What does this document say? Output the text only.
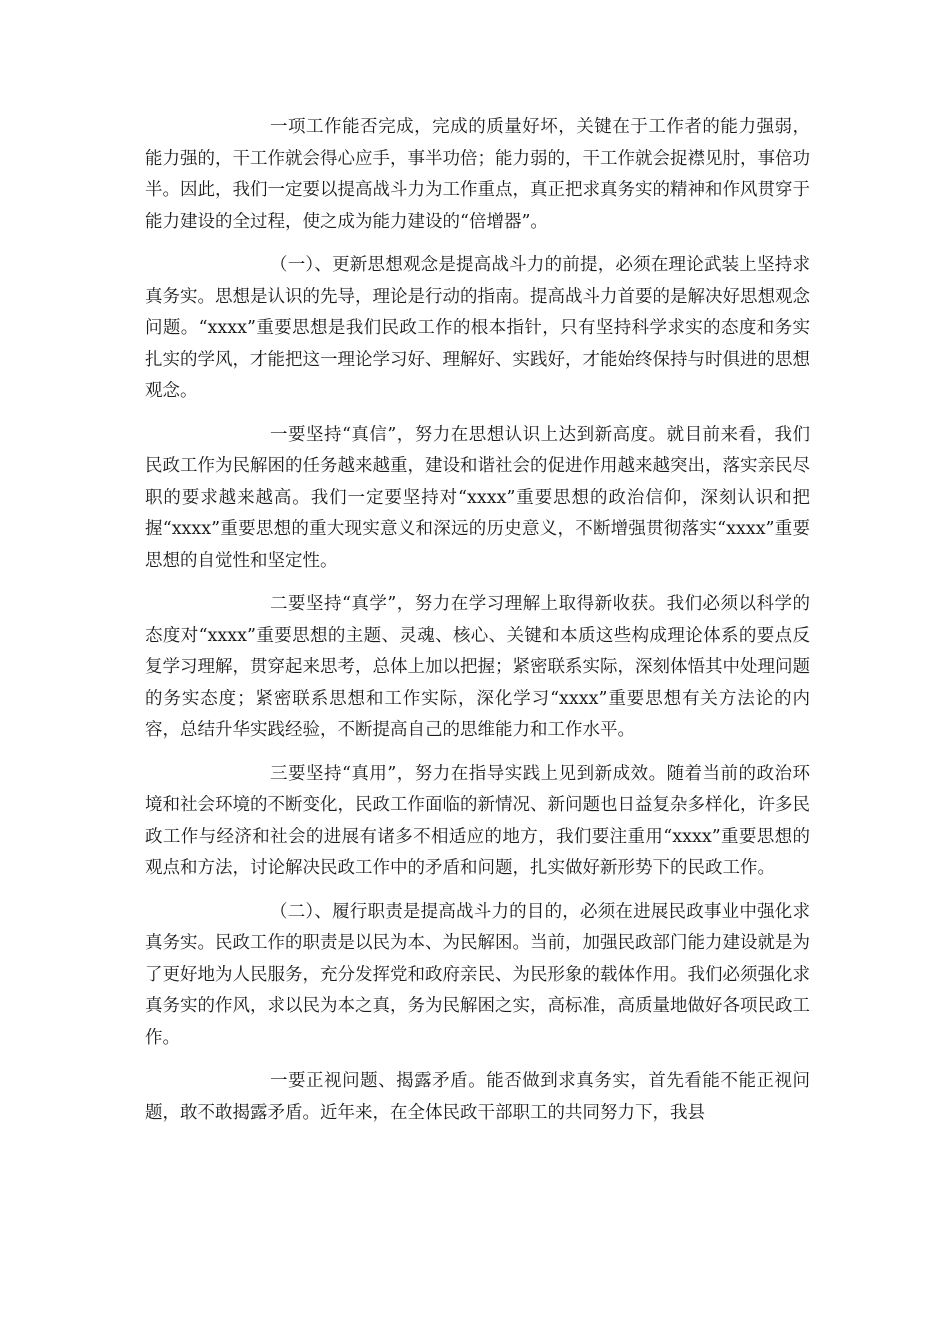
一项工作能否完成，完成的质量好坏，关键在于工作者的能力强弱，能力强的，干工作就会得心应手，事半功倍；能力弱的，干工作就会捉襟见肘，事倍功半。因此，我们一定要以提高战斗力为工作重点，真正把求真务实的精神和作风贯穿于能力建设的全过程，使之成为能力建设的“倍增器”。

（一）、更新思想观念是提高战斗力的前提，必须在理论武装上坚持求真务实。思想是认识的先导，理论是行动的指南。提高战斗力首要的是解决好思想观念问题。“xxxx”重要思想是我们民政工作的根本指针，只有坚持科学求实的态度和务实扎实的学风，才能把这一理论学习好、理解好、实践好，才能始终保持与时俱进的思想观念。

一要坚持“真信”，努力在思想认识上达到新高度。就目前来看，我们民政工作为民解困的任务越来越重，建设和谐社会的促进作用越来越突出，落实亲民尽职的要求越来越高。我们一定要坚持对“xxxx”重要思想的政治信仰，深刻认识和把握“xxxx”重要思想的重大现实意义和深远的历史意义，不断增强贯彻落实“xxxx”重要思想的自觉性和坚定性。

二要坚持“真学”，努力在学习理解上取得新收获。我们必须以科学的态度对“xxxx”重要思想的主题、灵魂、核心、关键和本质这些构成理论体系的要点反复学习理解，贯穿起来思考，总体上加以把握；紧密联系实际，深刻体悟其中处理问题的务实态度；紧密联系思想和工作实际，深化学习“xxxx”重要思想有关方法论的内容，总结升华实践经验，不断提高自己的思维能力和工作水平。

三要坚持“真用”，努力在指导实践上见到新成效。随着当前的政治环境和社会环境的不断变化，民政工作面临的新情况、新问题也日益复杂多样化，许多民政工作与经济和社会的进展有诸多不相适应的地方，我们要注重用“xxxx”重要思想的观点和方法，讨论解决民政工作中的矛盾和问题，扎实做好新形势下的民政工作。

（二）、履行职责是提高战斗力的目的，必须在进展民政事业中强化求真务实。民政工作的职责是以民为本、为民解困。当前，加强民政部门能力建设就是为了更好地为人民服务，充分发挥党和政府亲民、为民形象的载体作用。我们必须强化求真务实的作风，求以民为本之真，务为民解困之实，高标准，高质量地做好各项民政工作。

一要正视问题、揭露矛盾。能否做到求真务实，首先看能不能正视问题，敢不敢揭露矛盾。近年来，在全体民政干部职工的共同努力下，我县
